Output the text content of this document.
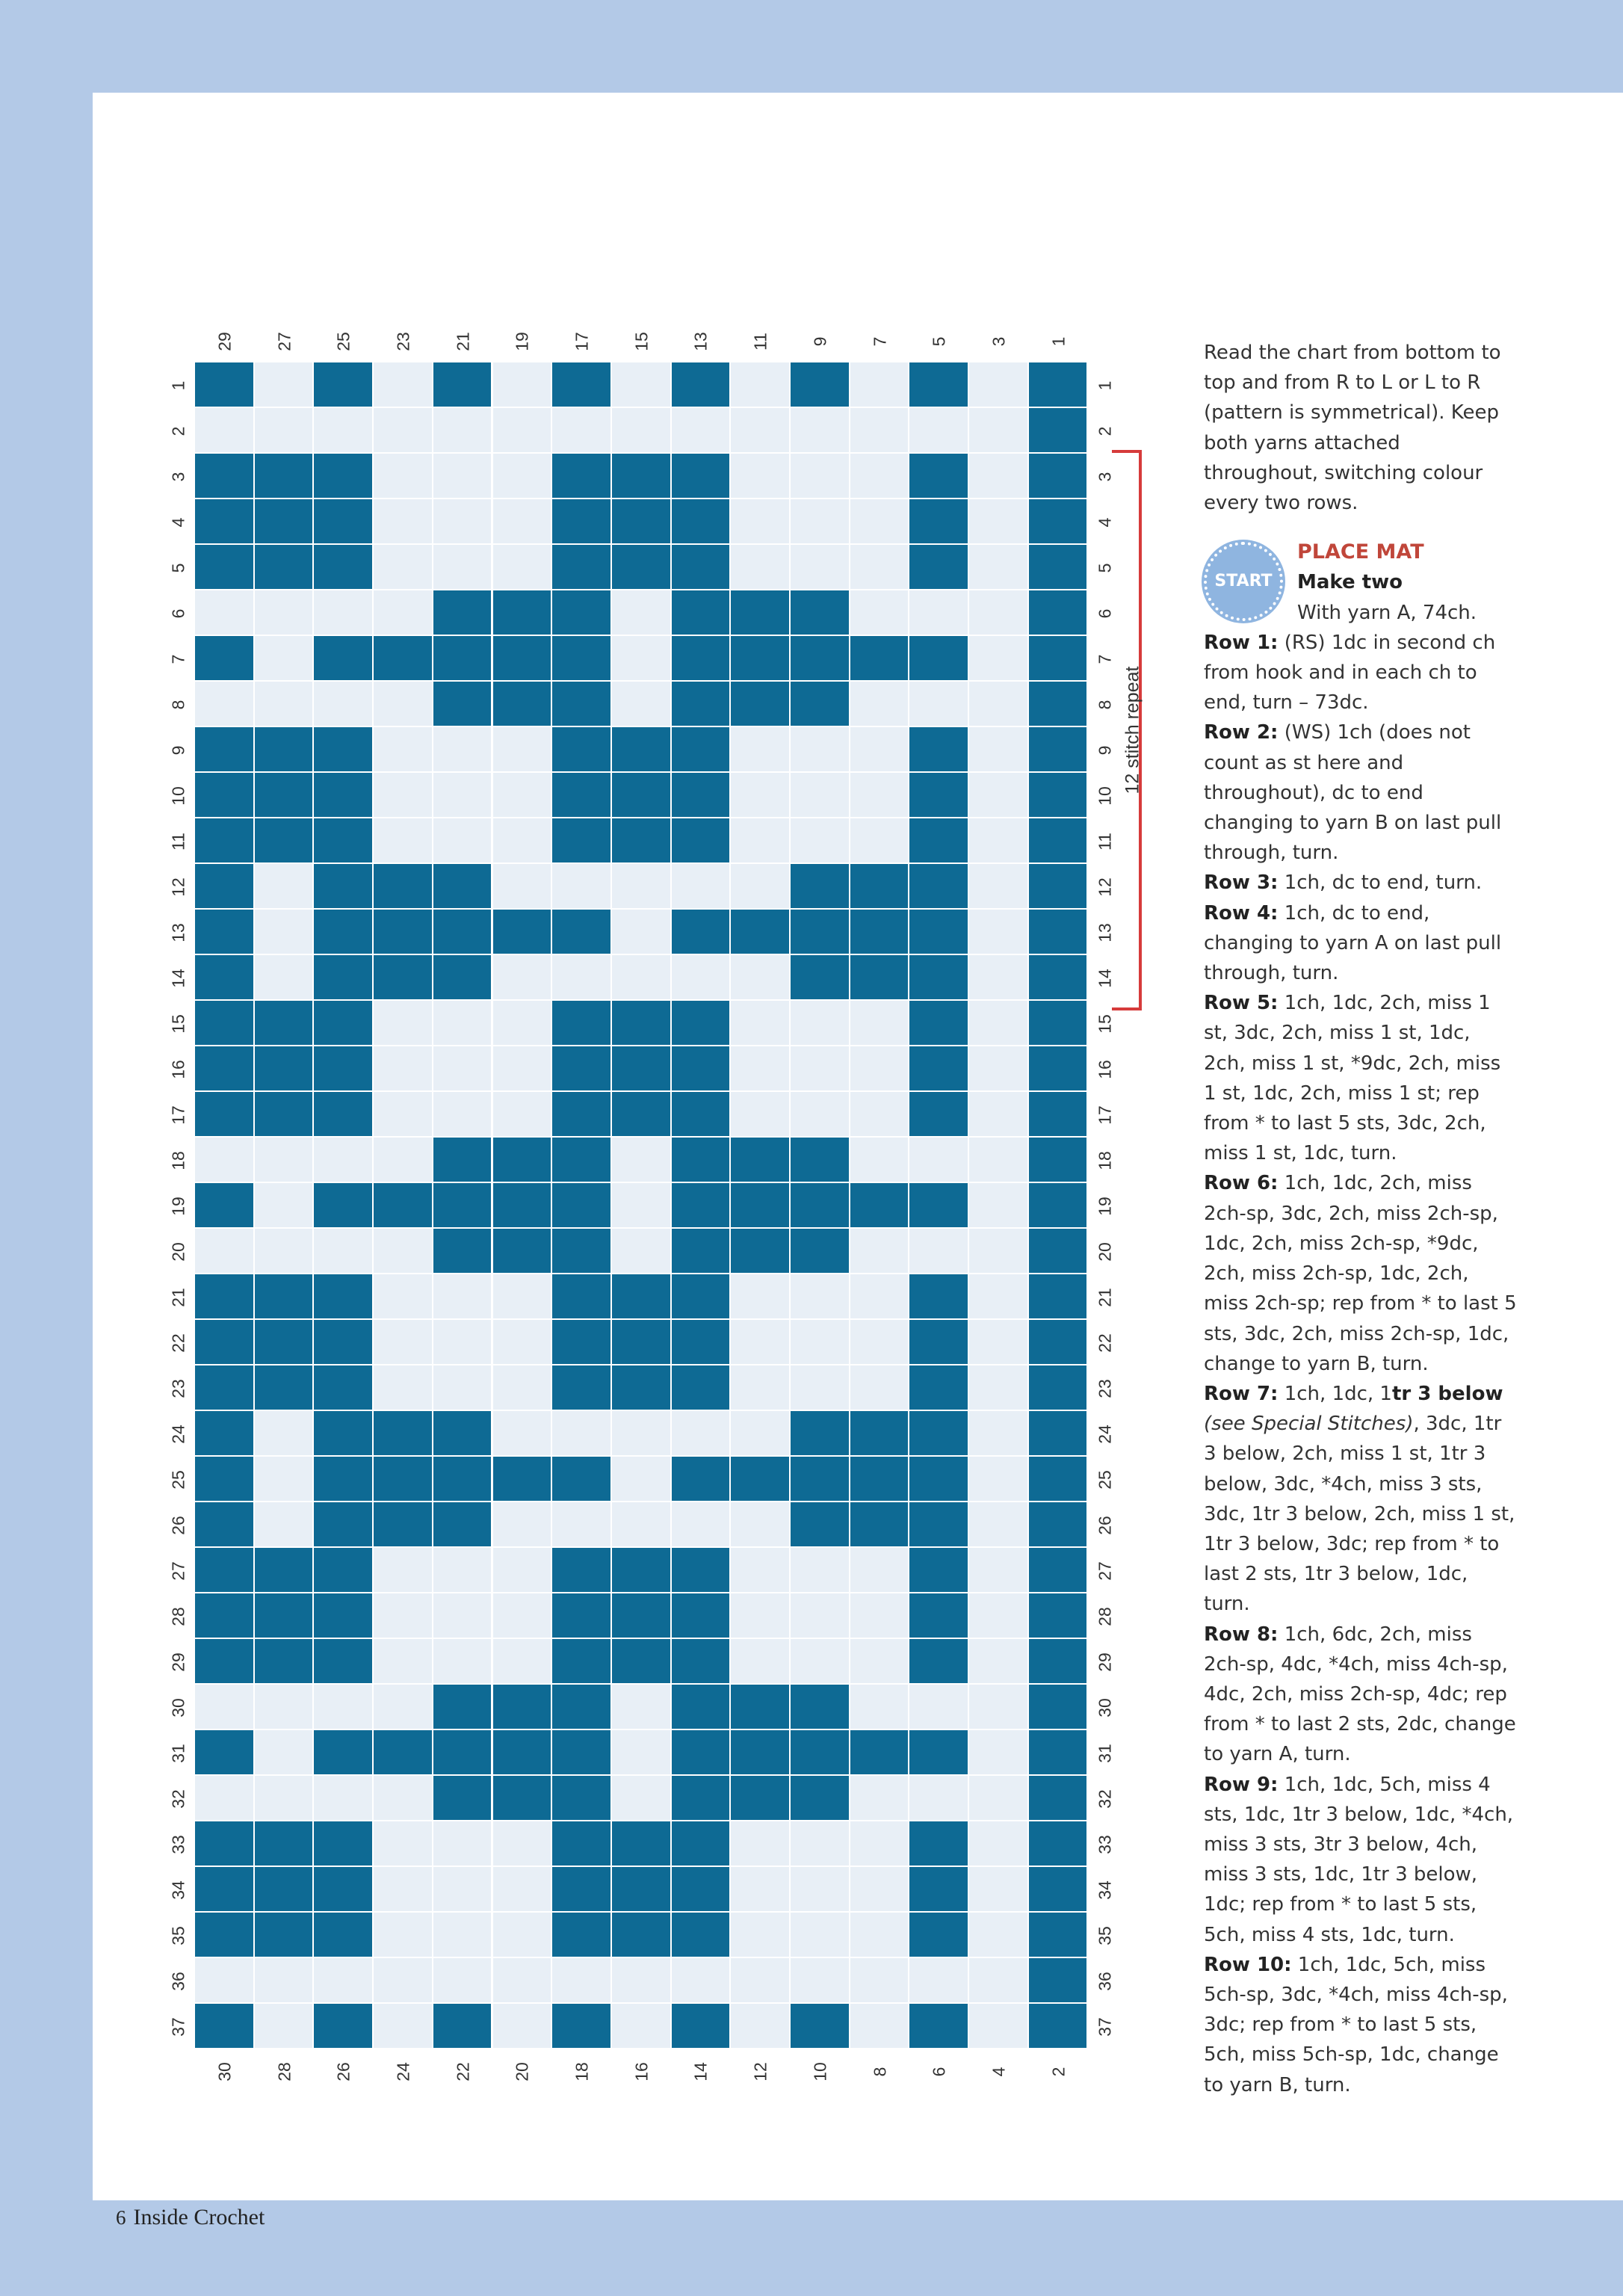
29 27 25 23 21 19 17 15 13 11 9 7 5 3 1
30 28 26 24 22 20 18 16 14 12 10 8 6 4 2
1	1
2	2
3	3
4	4
5	5
6	6
7	7
8	8
9	9
10	10
11	11
12	12
13	13
14	14
15	15
16	16
17	17
18	18
19	19
20	20
21	21
22	22
23	23
24	24
25	25
26	26
27	27
28	28
29	29
30	30
31	31
32	32
33	33
34	34
35	35
36	36
37	37
12 stitch repeat

Read the chart from bottom to top and from R to L or L to R (pattern is symmetrical). Keep both yarns attached throughout, switching colour every two rows.

START

PLACE MAT

Make two

With yarn A, 74ch.

Row 1: (RS) 1dc in second ch from hook and in each ch to end, turn – 73dc.

Row 2: (WS) 1ch (does not count as st here and throughout), dc to end changing to yarn B on last pull through, turn.

Row 3: 1ch, dc to end, turn.

Row 4: 1ch, dc to end, changing to yarn A on last pull through, turn.

Row 5: 1ch, 1dc, 2ch, miss 1 st, 3dc, 2ch, miss 1 st, 1dc, 2ch, miss 1 st, *9dc, 2ch, miss 1 st, 1dc, 2ch, miss 1 st; rep from * to last 5 sts, 3dc, 2ch, miss 1 st, 1dc, turn.

Row 6: 1ch, 1dc, 2ch, miss 2ch-sp, 3dc, 2ch, miss 2ch-sp, 1dc, 2ch, miss 2ch-sp, *9dc, 2ch, miss 2ch-sp, 1dc, 2ch, miss 2ch-sp; rep from * to last 5 sts, 3dc, 2ch, miss 2ch-sp, 1dc, change to yarn B, turn.

Row 7: 1ch, 1dc, 1tr 3 below (see Special Stitches), 3dc, 1tr 3 below, 2ch, miss 1 st, 1tr 3 below, 3dc, *4ch, miss 3 sts, 3dc, 1tr 3 below, 2ch, miss 1 st, 1tr 3 below, 3dc; rep from * to last 2 sts, 1tr 3 below, 1dc, turn.

Row 8: 1ch, 6dc, 2ch, miss 2ch-sp, 4dc, *4ch, miss 4ch-sp, 4dc, 2ch, miss 2ch-sp, 4dc; rep from * to last 2 sts, 2dc, change to yarn A, turn.

Row 9: 1ch, 1dc, 5ch, miss 4 sts, 1dc, 1tr 3 below, 1dc, *4ch, miss 3 sts, 3tr 3 below, 4ch, miss 3 sts, 1dc, 1tr 3 below, 1dc; rep from * to last 5 sts, 5ch, miss 4 sts, 1dc, turn.

Row 10: 1ch, 1dc, 5ch, miss 5ch-sp, 3dc, *4ch, miss 4ch-sp, 3dc; rep from * to last 5 sts, 5ch, miss 5ch-sp, 1dc, change to yarn B, turn.

6 Inside Crochet
